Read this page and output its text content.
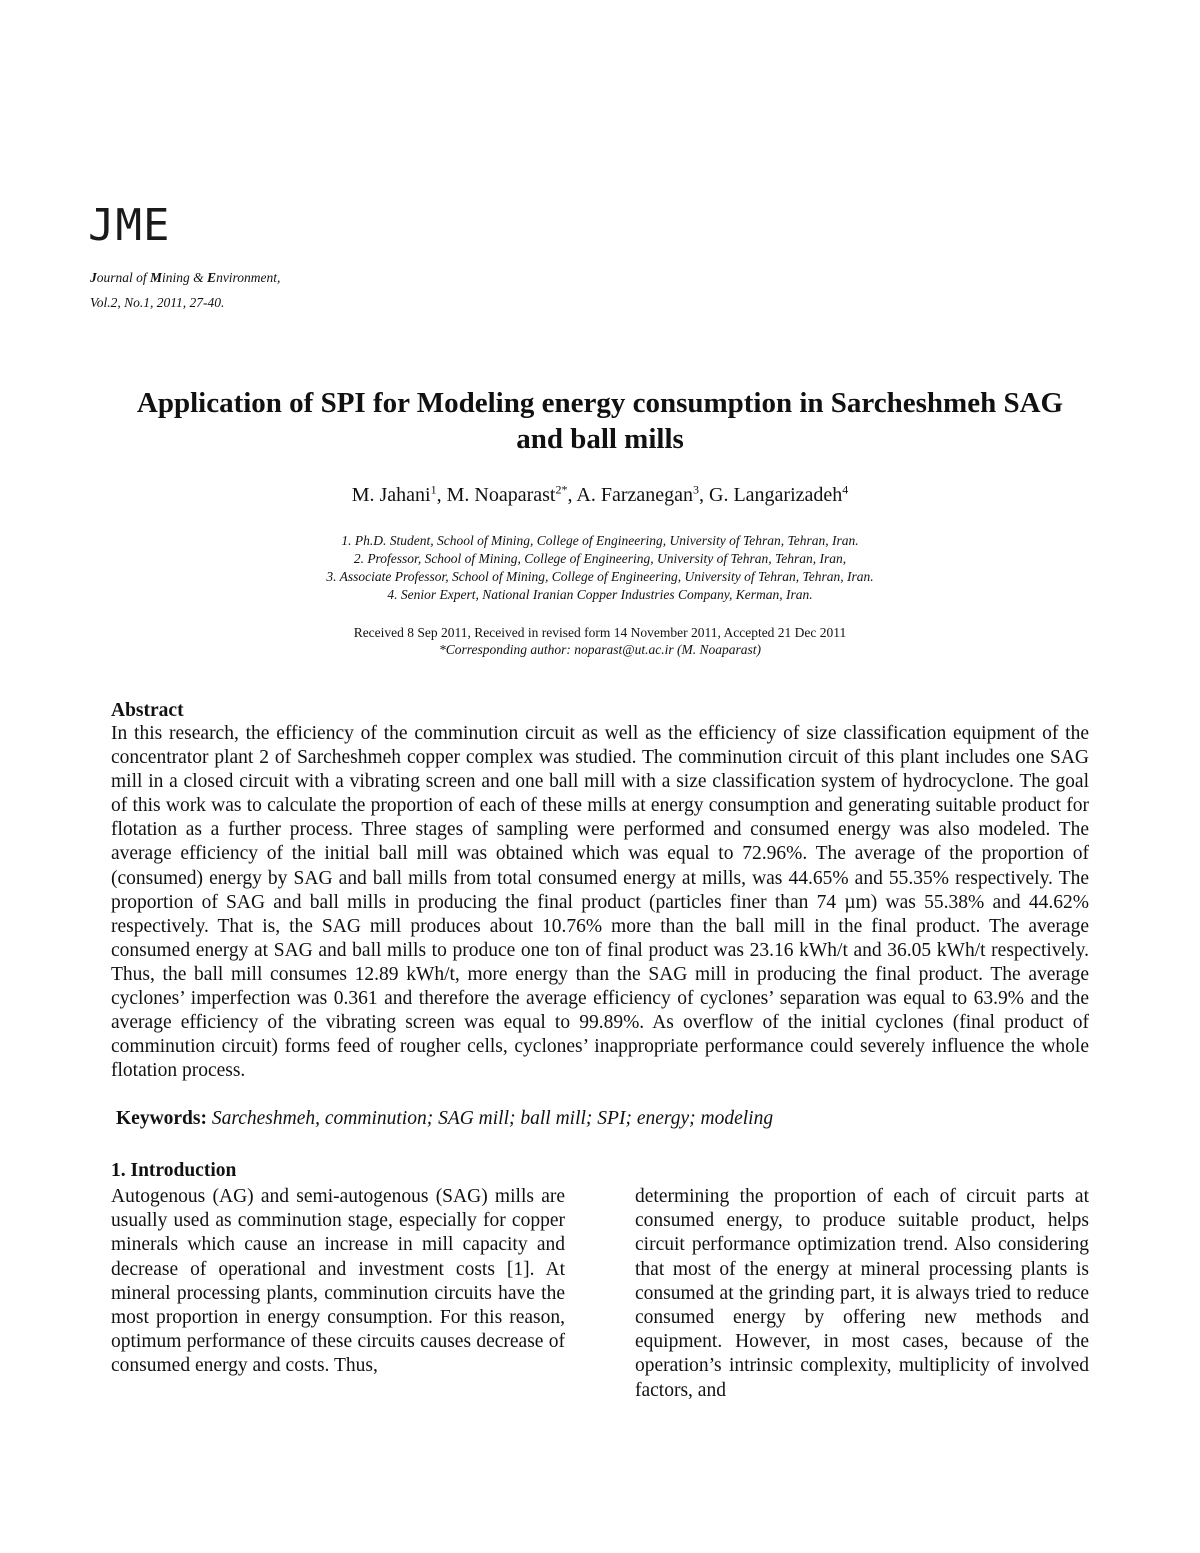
JME
Journal of Mining & Environment,
Vol.2, No.1, 2011, 27-40.
Application of SPI for Modeling energy consumption in Sarcheshmeh SAG
and ball mills
M. Jahani$^1$, M. Noaparast$^{2*}$, A. Farzanegan$^3$, G. Langarizadeh$^4$
1. Ph.D. Student, School of Mining, College of Engineering, University of Tehran, Tehran, Iran.
2. Professor, School of Mining, College of Engineering, University of Tehran, Tehran, Iran,
3. Associate Professor, School of Mining, College of Engineering, University of Tehran, Tehran, Iran.
4. Senior Expert, National Iranian Copper Industries Company, Kerman, Iran.
Received 8 Sep 2011, Received in revised form 14 November 2011, Accepted 21 Dec 2011
*Corresponding author: noparast@ut.ac.ir (M. Noaparast)
Abstract
In this research, the efficiency of the comminution circuit as well as the efficiency of size classification equipment of the concentrator plant 2 of Sarcheshmeh copper complex was studied. The comminution circuit of this plant includes one SAG mill in a closed circuit with a vibrating screen and one ball mill with a size classification system of hydrocyclone. The goal of this work was to calculate the proportion of each of these mills at energy consumption and generating suitable product for flotation as a further process. Three stages of sampling were performed and consumed energy was also modeled. The average efficiency of the initial ball mill was obtained which was equal to 72.96%. The average of the proportion of (consumed) energy by SAG and ball mills from total consumed energy at mills, was 44.65% and 55.35% respectively. The proportion of SAG and ball mills in producing the final product (particles finer than 74 µm) was 55.38% and 44.62% respectively. That is, the SAG mill produces about 10.76% more than the ball mill in the final product. The average consumed energy at SAG and ball mills to produce one ton of final product was 23.16 kWh/t and 36.05 kWh/t respectively. Thus, the ball mill consumes 12.89 kWh/t, more energy than the SAG mill in producing the final product. The average cyclones’ imperfection was 0.361 and therefore the average efficiency of cyclones’ separation was equal to 63.9% and the average efficiency of the vibrating screen was equal to 99.89%. As overflow of the initial cyclones (final product of comminution circuit) forms feed of rougher cells, cyclones’ inappropriate performance could severely influence the whole flotation process.
Keywords: Sarcheshmeh, comminution; SAG mill; ball mill; SPI; energy; modeling
1. Introduction
Autogenous (AG) and semi-autogenous (SAG) mills are usually used as comminution stage, especially for copper minerals which cause an increase in mill capacity and decrease of operational and investment costs [1]. At mineral processing plants, comminution circuits have the most proportion in energy consumption. For this reason, optimum performance of these circuits causes decrease of consumed energy and costs. Thus,
determining the proportion of each of circuit parts at consumed energy, to produce suitable product, helps circuit performance optimization trend. Also considering that most of the energy at mineral processing plants is consumed at the grinding part, it is always tried to reduce consumed energy by offering new methods and equipment. However, in most cases, because of the operation’s intrinsic complexity, multiplicity of involved factors, and
